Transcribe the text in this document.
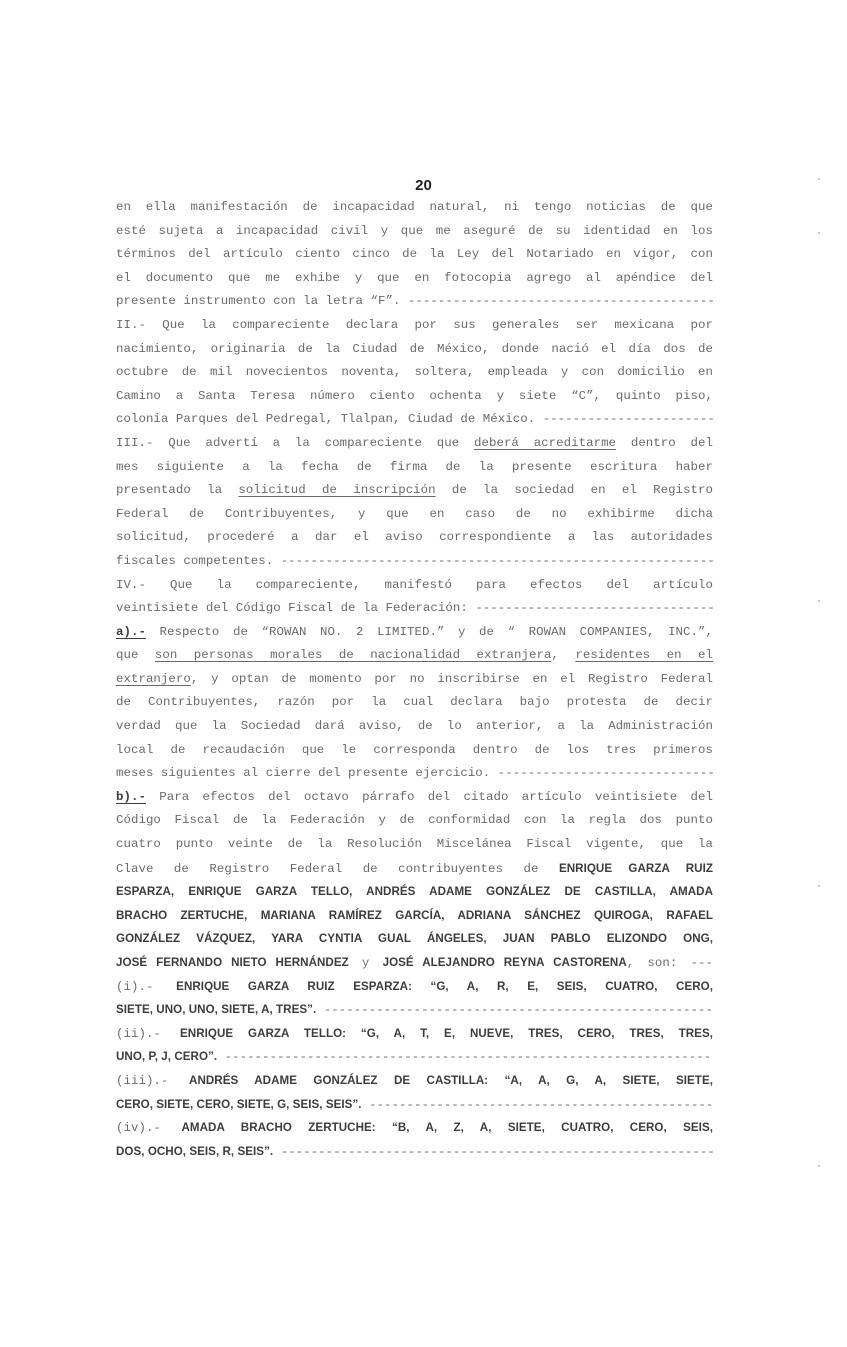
20
en ella manifestación de incapacidad natural, ni tengo noticias de que
esté sujeta a incapacidad civil y que me aseguré de su identidad en los
términos del artículo ciento cinco de la Ley del Notariado en vigor, con
el documento que me exhibe y que en fotocopia agrego al apéndice del
presente instrumento con la letra “F”. -----
II.- Que la compareciente declara por sus generales ser mexicana por
nacimiento, originaria de la Ciudad de México, donde nació el día dos de
octubre de mil novecientos noventa, soltera, empleada y con domicilio en
Camino a Santa Teresa número ciento ochenta y siete “C”, quinto piso,
colonia Parques del Pedregal, Tlalpan, Ciudad de México. -----
III.- Que advertí a la compareciente que deberá acreditarme dentro del
mes siguiente a la fecha de firma de la presente escritura haber
presentado la solicitud de inscripción de la sociedad en el Registro
Federal de Contribuyentes, y que en caso de no exhibirme dicha
solicitud, procederé a dar el aviso correspondiente a las autoridades
fiscales competentes. -----
IV.- Que la compareciente, manifestó para efectos del artículo
veintisiete del Código Fiscal de la Federación: -----
a).- Respecto de “ROWAN NO. 2 LIMITED.” y de “ ROWAN COMPANIES, INC.”,
que son personas morales de nacionalidad extranjera, residentes en el
extranjero, y optan de momento por no inscribirse en el Registro Federal
de Contribuyentes, razón por la cual declara bajo protesta de decir
verdad que la Sociedad dará aviso, de lo anterior, a la Administración
local de recaudación que le corresponda dentro de los tres primeros
meses siguientes al cierre del presente ejercicio. -----
b).- Para efectos del octavo párrafo del citado artículo veintisiete del
Código Fiscal de la Federación y de conformidad con la regla dos punto
cuatro punto veinte de la Resolución Miscelánea Fiscal vigente, que la
Clave de Registro Federal de contribuyentes de ENRIQUE GARZA RUIZ
ESPARZA, ENRIQUE GARZA TELLO, ANDRÉS ADAME GONZÁLEZ DE CASTILLA, AMADA
BRACHO ZERTUCHE, MARIANA RAMÍREZ GARCÍA, ADRIANA SÁNCHEZ QUIROGA, RAFAEL
GONZÁLEZ VÁZQUEZ, YARA CYNTIA GUAL ÁNGELES, JUAN PABLO ELIZONDO ONG,
JOSÉ FERNANDO NIETO HERNÁNDEZ y JOSÉ ALEJANDRO REYNA CASTORENA, son: ---
(i).- ENRIQUE GARZA RUIZ ESPARZA: “G, A, R, E, SEIS, CUATRO, CERO,
SIETE, UNO, UNO, SIETE, A, TRES”. -----
(ii).- ENRIQUE GARZA TELLO: “G, A, T, E, NUEVE, TRES, CERO, TRES, TRES,
UNO, P, J, CERO”. -----
(iii).- ANDRÉS ADAME GONZÁLEZ DE CASTILLA: “A, A, G, A, SIETE, SIETE,
CERO, SIETE, CERO, SIETE, G, SEIS, SEIS”. -----
(iv).- AMADA BRACHO ZERTUCHE: “B, A, Z, A, SIETE, CUATRO, CERO, SEIS,
DOS, OCHO, SEIS, R, SEIS”. -----
